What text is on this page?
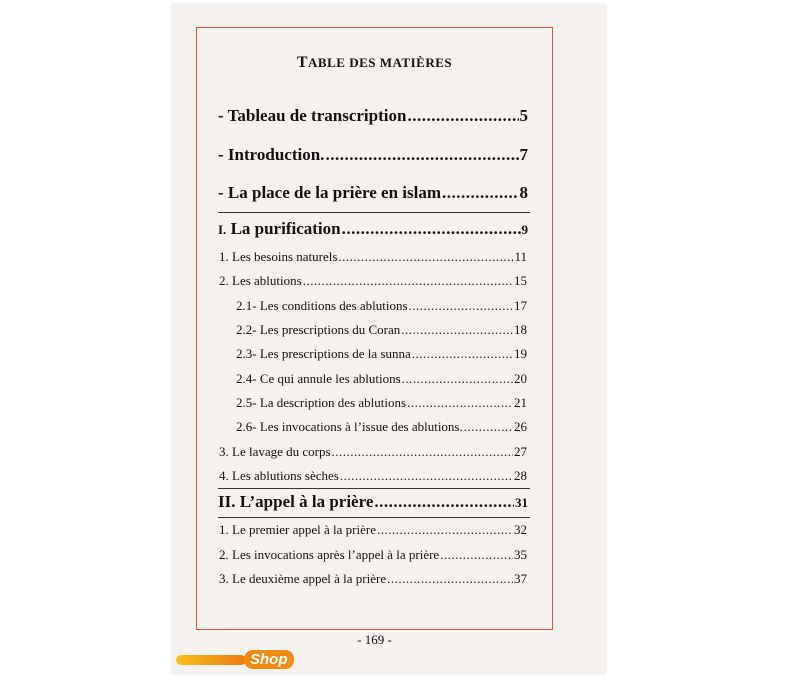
TABLE DES MATIÈRES
- Tableau de transcription .....	5
- Introduction. .....	7
- La place de la prière en islam .....	8
I. La purification .....	9
1. Les besoins naturels .....	11
2. Les ablutions .....	15
2.1- Les conditions des ablutions .....	17
2.2- Les prescriptions du Coran .....	18
2.3- Les prescriptions de la sunna .....	19
2.4- Ce qui annule les ablutions .....	20
2.5- La description des ablutions .....	21
2.6- Les invocations à l’issue des ablutions. .....	26
3. Le lavage du corps .....	27
4. Les ablutions sèches .....	28
II. L’appel à la prière .....	31
1. Le premier appel à la prière .....	32
2. Les invocations après l’appel à la prière .....	35
3. Le deuxième appel à la prière .....	37
- 169 -
Shop
